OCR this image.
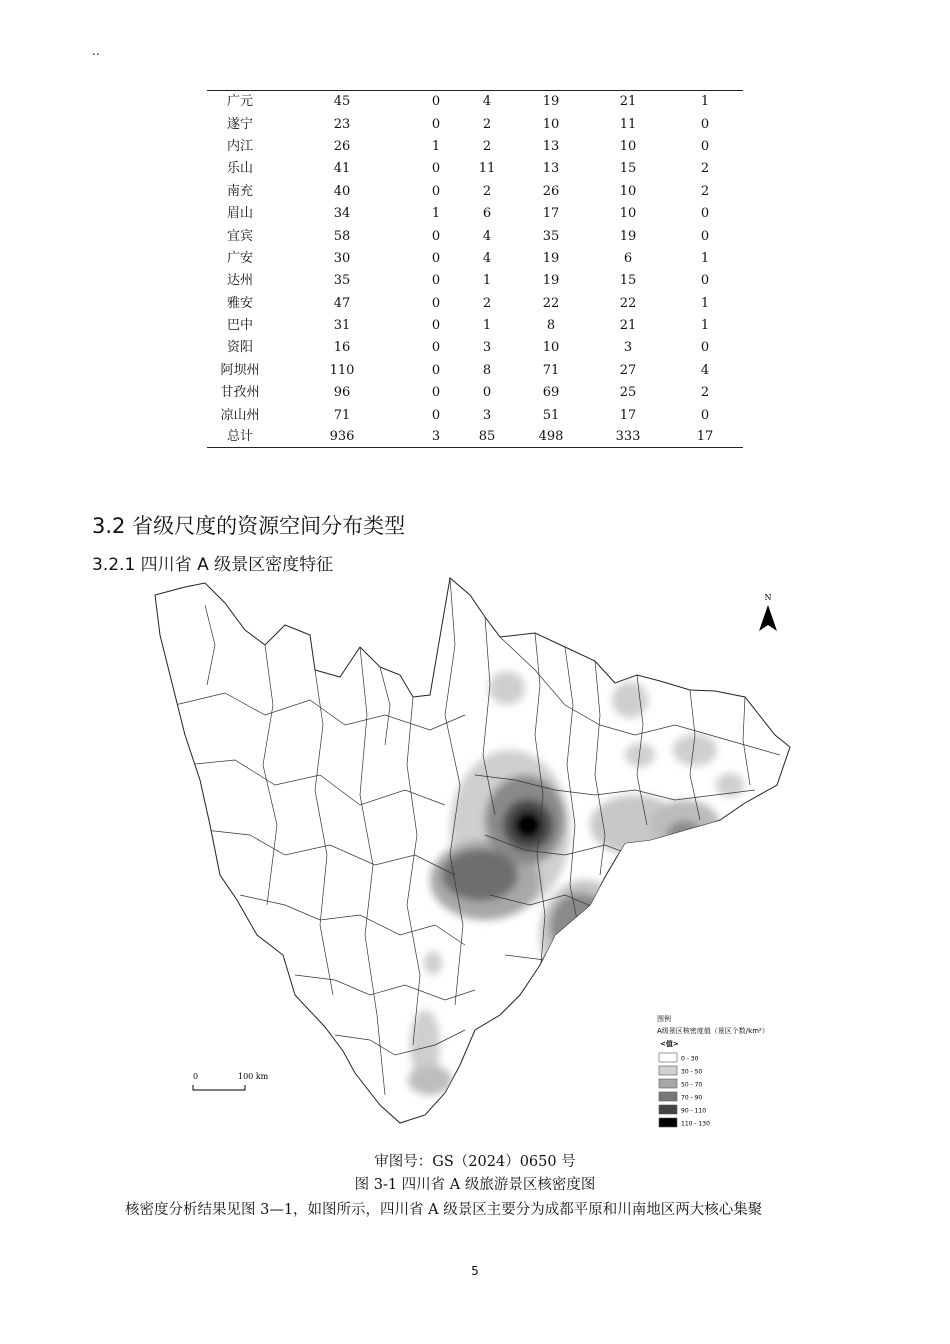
..
广元	45	0	4	19	21	1
遂宁	23	0	2	10	11	0
内江	26	1	2	13	10	0
乐山	41	0	11	13	15	2
南充	40	0	2	26	10	2
眉山	34	1	6	17	10	0
宜宾	58	0	4	35	19	0
广安	30	0	4	19	6	1
达州	35	0	1	19	15	0
雅安	47	0	2	22	22	1
巴中	31	0	1	8	21	1
资阳	16	0	3	10	3	0
阿坝州	110	0	8	71	27	4
甘孜州	96	0	0	69	25	2
凉山州	71	0	3	51	17	0
总计	936	3	85	498	333	17
3.2 省级尺度的资源空间分布类型
3.2.1 四川省 A 级景区密度特征
N
0	100 km
图例
A级景区核密度值（景区个数/km²）
<值>
0 - 30
30 - 50
50 - 70
70 - 90
90 - 110
110 - 130
审图号：GS（2024）0650 号
图 3-1 四川省 A 级旅游景区核密度图
核密度分析结果见图 3—1，如图所示，四川省 A 级景区主要分为成都平原和川南地区两大核心集聚
5
